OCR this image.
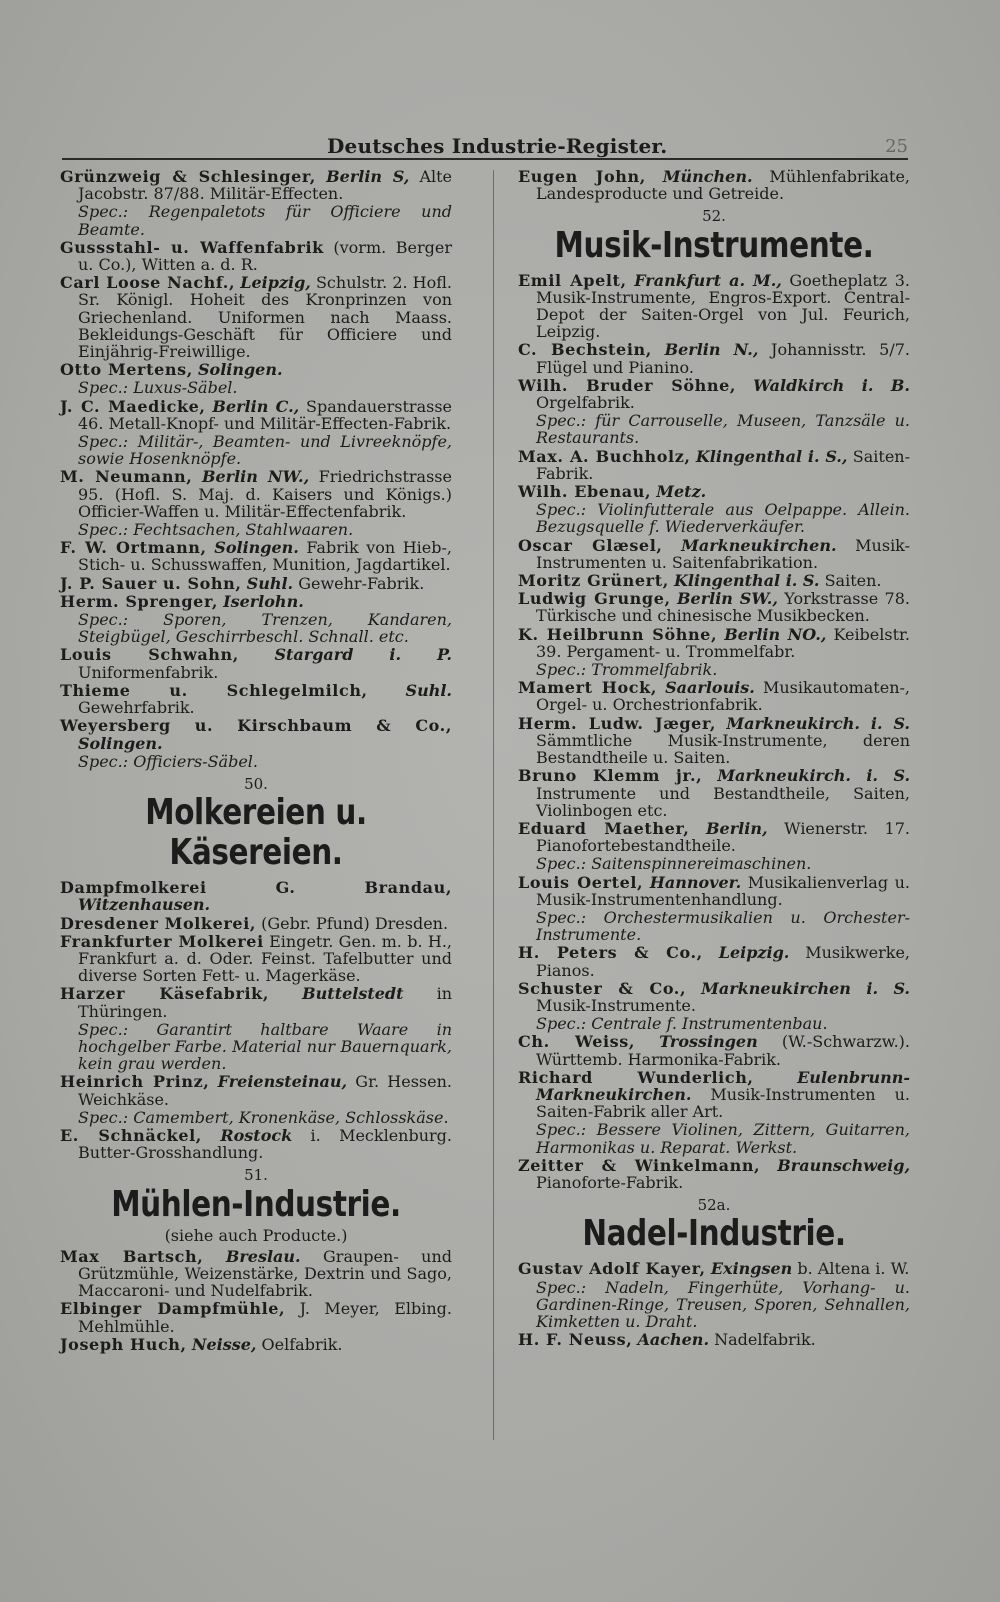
Deutsches Industrie-Register.	25
Grünzweig & Schlesinger, Berlin S, Alte Jacobstr. 87/88. Militär-Effecten.
Spec.: Regenpaletots für Officiere und Beamte.
Gussstahl- u. Waffenfabrik (vorm. Berger u. Co.), Witten a. d. R.
Carl Loose Nachf., Leipzig, Schulstr. 2. Hofl. Sr. Königl. Hoheit des Kronprinzen von Griechenland. Uniformen nach Maass. Bekleidungs-Geschäft für Officiere und Einjährig-Freiwillige.
Otto Mertens, Solingen.
Spec.: Luxus-Säbel.
J. C. Maedicke, Berlin C., Spandauerstrasse 46. Metall-Knopf- und Militär-Effecten-Fabrik.
Spec.: Militär-, Beamten- und Livreeknöpfe, sowie Hosenknöpfe.
M. Neumann, Berlin NW., Friedrichstrasse 95. (Hofl. S. Maj. d. Kaisers und Königs.) Officier-Waffen u. Militär-Effectenfabrik.
Spec.: Fechtsachen, Stahlwaaren.
F. W. Ortmann, Solingen. Fabrik von Hieb-, Stich- u. Schusswaffen, Munition, Jagdartikel.
J. P. Sauer u. Sohn, Suhl. Gewehr-Fabrik.
Herm. Sprenger, Iserlohn.
Spec.: Sporen, Trenzen, Kandaren, Steigbügel, Geschirrbeschl. Schnall. etc.
Louis Schwahn, Stargard i. P. Uniformenfabrik.
Thieme u. Schlegelmilch, Suhl. Gewehrfabrik.
Weyersberg u. Kirschbaum & Co., Solingen.
Spec.: Officiers-Säbel.
50.
Molkereien u. Käsereien.
Dampfmolkerei G. Brandau, Witzenhausen.
Dresdener Molkerei, (Gebr. Pfund) Dresden.
Frankfurter Molkerei Eingetr. Gen. m. b. H., Frankfurt a. d. Oder. Feinst. Tafelbutter und diverse Sorten Fett- u. Magerkäse.
Harzer Käsefabrik, Buttelstedt in Thüringen.
Spec.: Garantirt haltbare Waare in hochgelber Farbe. Material nur Bauernquark, kein grau werden.
Heinrich Prinz, Freienstеinau, Gr. Hessen. Weichkäse.
Spec.: Camembert, Kronenkäse, Schlosskäse.
E. Schnäckel, Rostock i. Mecklenburg. Butter-Grosshandlung.
51.
Mühlen-Industrie.
(siehe auch Producte.)
Max Bartsch, Breslau. Graupen- und Grützmühle, Weizenstärke, Dextrin und Sago, Maccaroni- und Nudelfabrik.
Elbinger Dampfmühle, J. Meyer, Elbing. Mehlmühle.
Joseph Huch, Neisse, Oelfabrik.
Eugen John, München. Mühlenfabrikate, Landesproducte und Getreide.
52.
Musik-Instrumente.
Emil Apelt, Frankfurt a. M., Goetheplatz 3. Musik-Instrumente, Engros-Export. Central-Depot der Saiten-Orgel von Jul. Feurich, Leipzig.
C. Bechstein, Berlin N., Johannisstr. 5/7. Flügel und Pianino.
Wilh. Bruder Söhne, Waldkirch i. B. Orgelfabrik.
Spec.: für Carrouselle, Museen, Tanzsäle u. Restaurants.
Max. A. Buchholz, Klingenthal i. S., Saiten-Fabrik.
Wilh. Ebenau, Metz.
Spec.: Violinfutterale aus Oelpappe. Allein. Bezugsquelle f. Wiederverkäufer.
Oscar Glæsel, Markneukirchen. Musik-Instrumenten u. Saitenfabrikation.
Moritz Grünert, Klingenthal i. S. Saiten.
Ludwig Grunge, Berlin SW., Yorkstrasse 78. Türkische und chinesische Musikbecken.
K. Heilbrunn Söhne, Berlin NO., Keibelstr. 39. Pergament- u. Trommelfabr.
Spec.: Trommelfabrik.
Mamert Hock, Saarlouis. Musikautomaten-, Orgel- u. Orchestrionfabrik.
Herm. Ludw. Jæger, Markneukirch. i. S. Sämmtliche Musik-Instrumente, deren Bestandtheile u. Saiten.
Bruno Klemm jr., Markneukirch. i. S. Instrumente und Bestandtheile, Saiten, Violinbogen etc.
Eduard Maether, Berlin, Wienerstr. 17. Pianofortebestandtheile.
Spec.: Saitenspinnereimaschinen.
Louis Oertel, Hannover. Musikalienverlag u. Musik-Instrumentenhandlung.
Spec.: Orchestermusikalien u. Orchester-Instrumente.
H. Peters & Co., Leipzig. Musikwerke, Pianos.
Schuster & Co., Markneukirchen i. S. Musik-Instrumente.
Spec.: Centrale f. Instrumentenbau.
Ch. Weiss, Trossingen (W.-Schwarzw.). Württemb. Harmonika-Fabrik.
Richard Wunderlich,	Eulenbrunn-Markneukirchen. Musik-Instrumenten u. Saiten-Fabrik aller Art.
Spec.: Bessere Violinen, Zittern, Guitarren, Harmonikas u. Reparat. Werkst.
Zeitter & Winkelmann, Braunschweig, Pianoforte-Fabrik.
52a.
Nadel-Industrie.
Gustav Adolf Kayer, Exingsen b. Altena i. W.
Spec.: Nadeln, Fingerhüte, Vorhang- u. Gardinen-Ringe, Treusen, Sporen, Sehnallen, Kimketten u. Draht.
H. F. Neuss, Aachen. Nadelfabrik.
